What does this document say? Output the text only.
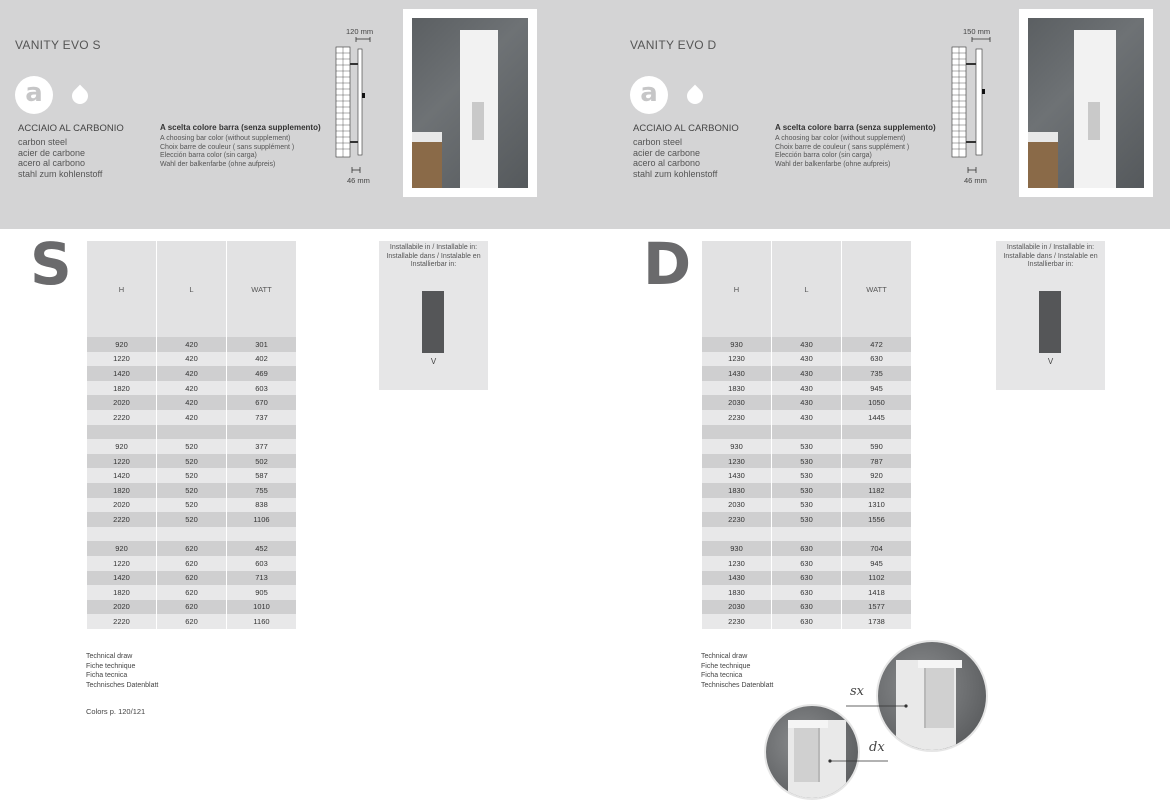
VANITY EVO S
a
ACCIAIO AL CARBONIO
carbon steel
acier de carbone
acero al carbono
stahl zum kohlenstoff
A scelta colore barra (senza supplemento)
A choosing bar color (without supplement)
Choix barre de couleur ( sans supplément )
Elección barra color (sin carga)
Wahl der balkenfarbe (ohne aufpreis)
120 mm
46 mm
S	H	L	WATT
920	420	301
1220	420	402
1420	420	469
1820	420	603
2020	420	670
2220	420	737

920	520	377
1220	520	502
1420	520	587
1820	520	755
2020	520	838
2220	520	1106

920	620	452
1220	620	603
1420	620	713
1820	620	905
2020	620	1010
2220	620	1160
Installabile in / Installable in:
Installable dans / Instalable en
Installierbar in:
V
Technical draw
Fiche technique
Ficha tecnica
Technisches Datenblatt
Colors p. 120/121
VANITY EVO D
a
ACCIAIO AL CARBONIO
carbon steel
acier de carbone
acero al carbono
stahl zum kohlenstoff
A scelta colore barra (senza supplemento)
A choosing bar color (without supplement)
Choix barre de couleur ( sans supplément )
Elección barra color (sin carga)
Wahl der balkenfarbe (ohne aufpreis)
150 mm
46 mm
D	H	L	WATT
930	430	472
1230	430	630
1430	430	735
1830	430	945
2030	430	1050
2230	430	1445

930	530	590
1230	530	787
1430	530	920
1830	530	1182
2030	530	1310
2230	530	1556

930	630	704
1230	630	945
1430	630	1102
1830	630	1418
2030	630	1577
2230	630	1738
Installabile in / Installable in:
Installable dans / Instalable en
Installierbar in:
V
Technical draw
Fiche technique
Ficha tecnica
Technisches Datenblatt	sx
dx
